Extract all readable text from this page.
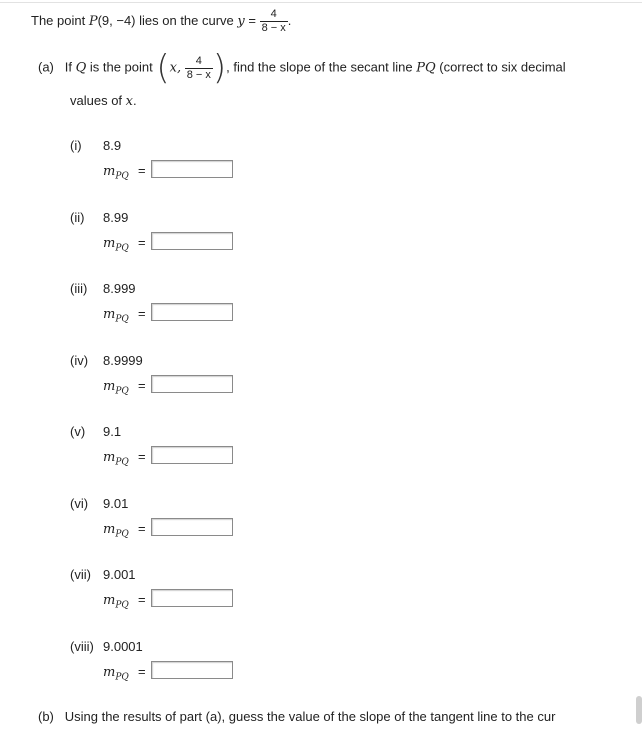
The point P(9, −4) lies on the curve $y = \frac{4}{8 - x}$ .
(a) If Q is the point (x, $\frac{4}{8 - x}$ ), find the slope of the secant line PQ (correct to six decimal
values of x.
(i) 8.9
$m_{PQ}$ =
(ii) 8.99
$m_{PQ}$ =
(iii) 8.999
$m_{PQ}$ =
(iv) 8.9999
$m_{PQ}$ =
(v) 9.1
$m_{PQ}$ =
(vi) 9.01
$m_{PQ}$ =
(vii) 9.001
$m_{PQ}$ =
(viii) 9.0001
$m_{PQ}$ =
(b) Using the results of part (a), guess the value of the slope of the tangent line to the cur
